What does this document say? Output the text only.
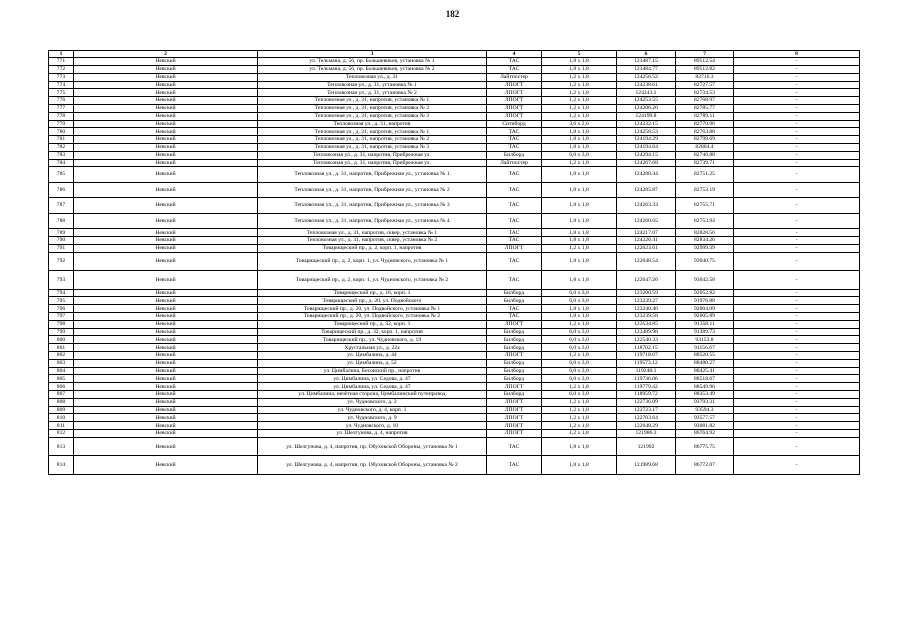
182
1	2	3	4	5	6	7	8
771	Невский	ул. Тельмана, д. 56, пр. Большевиков, установка № 1	ТАС	1,8 х 1,8	123487.15	89512.54	-
772	Невский	ул. Тельмана, д. 56, пр. Большевиков, установка № 2	ТАС	1,8 х 1,8	123484.77	89512.82	-
773	Невский	Тепловозная ул., д. 31	Лайтпостер	1,2 х 1,8	124256.52	82716.3	-
774	Невский	Тепловозная ул., д. 31, установка № 1	ЛПОГТ	1,2 х 1,8	124238.61	82727.57	-
775	Невский	Тепловозная ул., д. 31, установка № 2	ЛПОГТ	1,2 х 1,8	124243.1	82734.53	-
776	Невский	Тепловозная ул., д. 31, напротив, установка № 1	ЛПОГТ	1,2 х 1,8	124253.55	82768.97	-
777	Невский	Тепловозная ул., д. 31, напротив, установка № 2	ЛПОГТ	1,2 х 1,8	124206.26	82785.77	-
778	Невский	Тепловозная ул., д. 31, напротив, установка № 3	ЛПОГТ	1,2 х 1,8	124199.8	82789.11	-
779	Невский	Тепловозная ул., д. 31, напротив	Ситиборд	3,6 х 2,6	124232.15	82770.96	-
780	Невский	Тепловозная ул., д. 31, напротив, установка № 1	ТАС	1,8 х 1,8	124258.53	82763.88	-
781	Невский	Тепловозная ул., д. 31, напротив, установка № 2	ТАС	1,8 х 1,8	124194.29	82799.69	-
782	Невский	Тепловозная ул., д. 31, напротив, установка № 3	ТАС	1,8 х 1,8	124194.64	82804.4	-
783	Невский	Тепловозная ул., д. 31, напротив, Прибрежная ул.	Билборд	6,0 х 3,0	124294.15	82746.88	-
784	Невский	Тепловозная ул., д. 31, напротив, Прибрежная ул.	Лайтпостер	1,2 х 1,8	124267.68	82739.71	-
785	Невский	Тепловозная ул., д. 31, напротив, Прибрежная ул., установка № 1	ТАС	1,8 х 1,8	124288.44	82751.25	-
786	Невский	Тепловозная ул., д. 31, напротив, Прибрежная ул., установка № 2	ТАС	1,8 х 1,8	124285.87	82753.19	-
787	Невский	Тепловозная ул., д. 31, напротив, Прибрежная ул., установка № 3	ТАС	1,8 х 1,8	124263.33	82755.71	-
788	Невский	Тепловозная ул., д. 31, напротив, Прибрежная ул., установка № 4	ТАС	1,8 х 1,8	124260.65	82753.94	-
789	Невский	Тепловозная ул., д. 31, напротив, сквер, установка № 1	ТАС	1,8 х 1,8	124217.07	82828.56	-
790	Невский	Тепловозная ул., д. 31, напротив, сквер, установка № 2	ТАС	1,8 х 1,8	124220.41	82834.26	-
791	Невский	Товарищеский пр., д. 2, корп. 1, напротив	ЛПОГТ	1,2 х 1,8	122623.61	92999.39	-
792	Невский	Товарищеский пр., д. 2, корп. 1, ул. Чудновского, установка № 1	ТАС	1,8 х 1,8	122648.54	93040.75	-
793	Невский	Товарищеский пр., д. 2, корп. 1, ул. Чудновского, установка № 2	ТАС	1,8 х 1,8	122647.26	93042.58	-
794	Невский	Товарищеский пр., д. 16, корп. 1	Билборд	6,0 х 3,0	123200.59	92052.82	-
795	Невский	Товарищеский пр., д. 20, ул. Подвойского	Билборд	6,0 х 3,0	123239.27	91976.88	-
796	Невский	Товарищеский пр., д. 20, ул. Подвойского, установка № 1	ТАС	1,8 х 1,8	123240.46	92004.09	-
797	Невский	Товарищеский пр., д. 20, ул. Подвойского, установка № 2	ТАС	1,8 х 1,8	123239.58	92005.89	-
798	Невский	Товарищеский пр., д. 32, корп. 1	ЛПОГТ	1,2 х 1,8	123534.85	91358.11	-
799	Невский	Товарищеский пр., д. 32, корп. 1, напротив	Билборд	6,0 х 3,0	123489.98	91389.73	-
800	Невский	Товарищеский пр., ул. Чудновского, д. 19	Билборд	6,0 х 3,0	122540.33	93153.8	-
801	Невский	Хрустальная ул., д. 22а	Билборд	6,0 х 3,0	118702.15	91156.67	-
802	Невский	ул. Цимбалина, д. 44	ЛПОГТ	1,2 х 1,8	119718.07	88520.55	-
803	Невский	ул. Цимбалина, д. 52	Билборд	6,0 х 3,0	119573.12	88480.27	-
804	Невский	ул. Цимбалина, Бесовский пр., напротив	Билборд	6,0 х 3,0	119248.1	88425.41	-
805	Невский	ул. Цимбалина, ул. Седова, д. 47	Билборд	6,0 х 3,0	119736.06	88518.67	-
806	Невский	ул. Цимбалина, ул. Седова, д. 47	ЛПОГТ	1,2 х 1,8	119779.42	88549.96	-
807	Невский	ул. Цимбалина, нечётная сторона, Цимбалинский путепровод	Билборд	6,0 х 3,0	118959.72	88353.49	-
808	Невский	ул. Чудновского, д. 2	ЛПОГТ	1,2 х 1,8	122736.09	93793.31	-
809	Невский	ул. Чудновского, д. 4, корп. 1	ЛПОГТ	1,2 х 1,8	122723.17	93594.3	-
810	Невский	ул. Чудновского, д. 9	ЛПОГТ	1,2 х 1,8	122703.64	93577.57	-
811	Невский	ул. Чудновского, д. 10	ЛПОГТ	1,2 х 1,8	122648.29	93081.82	-
812	Невский	ул. Шелгунова, д. 4, напротив	ЛПОГТ	1,2 х 1,8	121986.3	86764.92	-
813	Невский	ул. Шелгунова, д. 4, напротив, пр. Обуховской Обороны, установка № 1	ТАС	1,8 х 1,8	121992	86775.75	-
814	Невский	ул. Шелгунова, д. 4, напротив, пр. Обуховской Обороны, установка № 2	ТАС	1,8 х 1,8	121989.68	86772.07	-
